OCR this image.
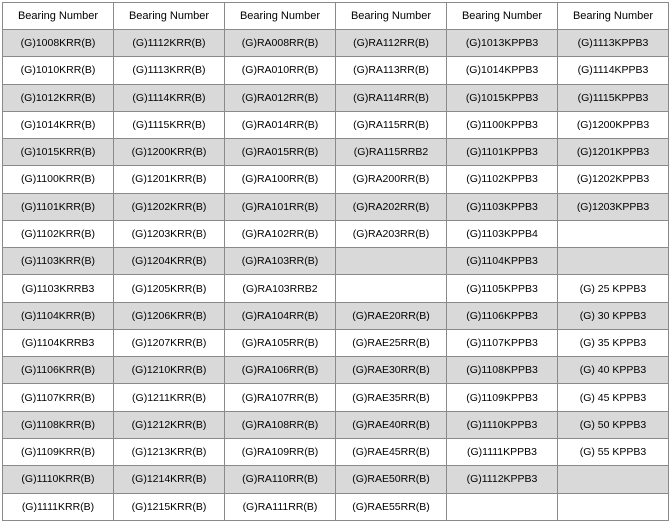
Bearing Number	Bearing Number	Bearing Number	Bearing Number	Bearing Number	Bearing Number
(G)1008KRR(B)	(G)1112KRR(B)	(G)RA008RR(B)	(G)RA112RR(B)	(G)1013KPPB3	(G)1113KPPB3
(G)1010KRR(B)	(G)1113KRR(B)	(G)RA010RR(B)	(G)RA113RR(B)	(G)1014KPPB3	(G)1114KPPB3
(G)1012KRR(B)	(G)1114KRR(B)	(G)RA012RR(B)	(G)RA114RR(B)	(G)1015KPPB3	(G)1115KPPB3
(G)1014KRR(B)	(G)1115KRR(B)	(G)RA014RR(B)	(G)RA115RR(B)	(G)1100KPPB3	(G)1200KPPB3
(G)1015KRR(B)	(G)1200KRR(B)	(G)RA015RR(B)	(G)RA115RRB2	(G)1101KPPB3	(G)1201KPPB3
(G)1100KRR(B)	(G)1201KRR(B)	(G)RA100RR(B)	(G)RA200RR(B)	(G)1102KPPB3	(G)1202KPPB3
(G)1101KRR(B)	(G)1202KRR(B)	(G)RA101RR(B)	(G)RA202RR(B)	(G)1103KPPB3	(G)1203KPPB3
(G)1102KRR(B)	(G)1203KRR(B)	(G)RA102RR(B)	(G)RA203RR(B)	(G)1103KPPB4	
(G)1103KRR(B)	(G)1204KRR(B)	(G)RA103RR(B)		(G)1104KPPB3	
(G)1103KRRB3	(G)1205KRR(B)	(G)RA103RRB2		(G)1105KPPB3	(G) 25 KPPB3
(G)1104KRR(B)	(G)1206KRR(B)	(G)RA104RR(B)	(G)RAE20RR(B)	(G)1106KPPB3	(G) 30 KPPB3
(G)1104KRRB3	(G)1207KRR(B)	(G)RA105RR(B)	(G)RAE25RR(B)	(G)1107KPPB3	(G) 35 KPPB3
(G)1106KRR(B)	(G)1210KRR(B)	(G)RA106RR(B)	(G)RAE30RR(B)	(G)1108KPPB3	(G) 40 KPPB3
(G)1107KRR(B)	(G)1211KRR(B)	(G)RA107RR(B)	(G)RAE35RR(B)	(G)1109KPPB3	(G) 45 KPPB3
(G)1108KRR(B)	(G)1212KRR(B)	(G)RA108RR(B)	(G)RAE40RR(B)	(G)1110KPPB3	(G) 50 KPPB3
(G)1109KRR(B)	(G)1213KRR(B)	(G)RA109RR(B)	(G)RAE45RR(B)	(G)1111KPPB3	(G) 55 KPPB3
(G)1110KRR(B)	(G)1214KRR(B)	(G)RA110RR(B)	(G)RAE50RR(B)	(G)1112KPPB3	
(G)1111KRR(B)	(G)1215KRR(B)	(G)RA111RR(B)	(G)RAE55RR(B)		
